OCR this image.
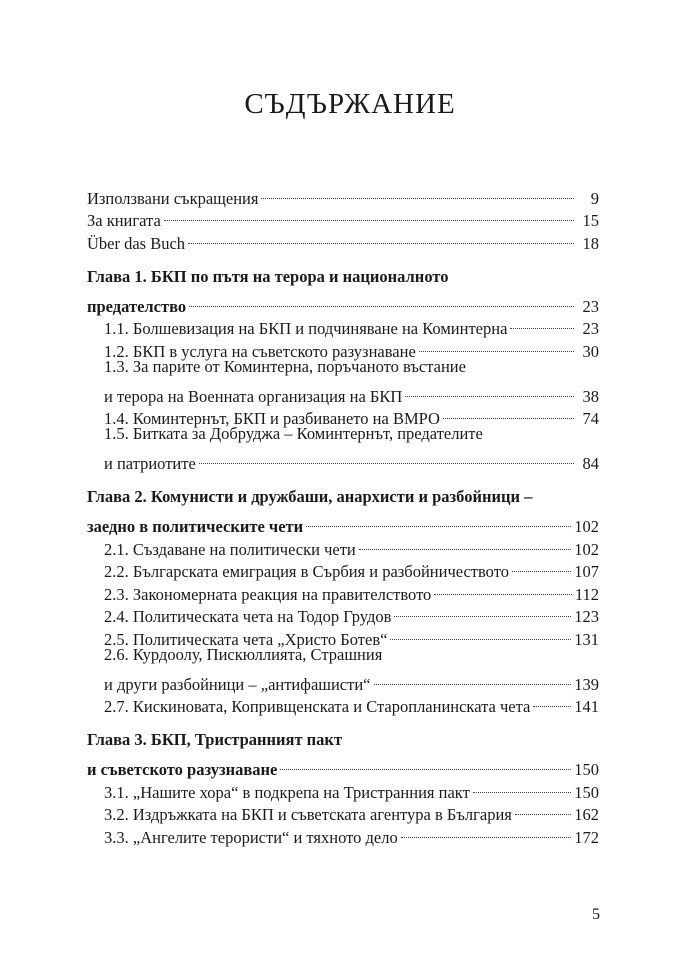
СЪДЪРЖАНИЕ
Използвани съкращения	9
За книгата	15
Über das Buch	18
Глава 1. БКП по пътя на терора и националното
предателство	23
1.1. Болшевизация на БКП и подчиняване на Коминтерна	23
1.2. БКП в услуга на съветското разузнаване	30
1.3. За парите от Коминтерна, поръчаното въстание
и терора на Военната организация на БКП	38
1.4. Коминтернът, БКП и разбиването на ВМРО	74
1.5. Битката за Добруджа – Коминтернът, предателите
и патриотите	84
Глава 2. Комунисти и дружбаши, анархисти и разбойници –
заедно в политическите чети	102
2.1. Създаване на политически чети	102
2.2. Българската емиграция в Сърбия и разбойничеството	107
2.3. Закономерната реакция на правителството	112
2.4. Политическата чета на Тодор Грудов	123
2.5. Политическата чета „Христо Ботев“	131
2.6. Курдоолу, Пискюллията, Страшния
и други разбойници – „антифашисти“	139
2.7. Кискиновата, Копривщенската и Старопланинската чета	141
Глава 3. БКП, Тристранният пакт
и съветското разузнаване	150
3.1. „Нашите хора“ в подкрепа на Тристранния пакт	150
3.2. Издръжката на БКП и съветската агентура в България	162
3.3. „Ангелите терористи“ и тяхното дело	172
5
